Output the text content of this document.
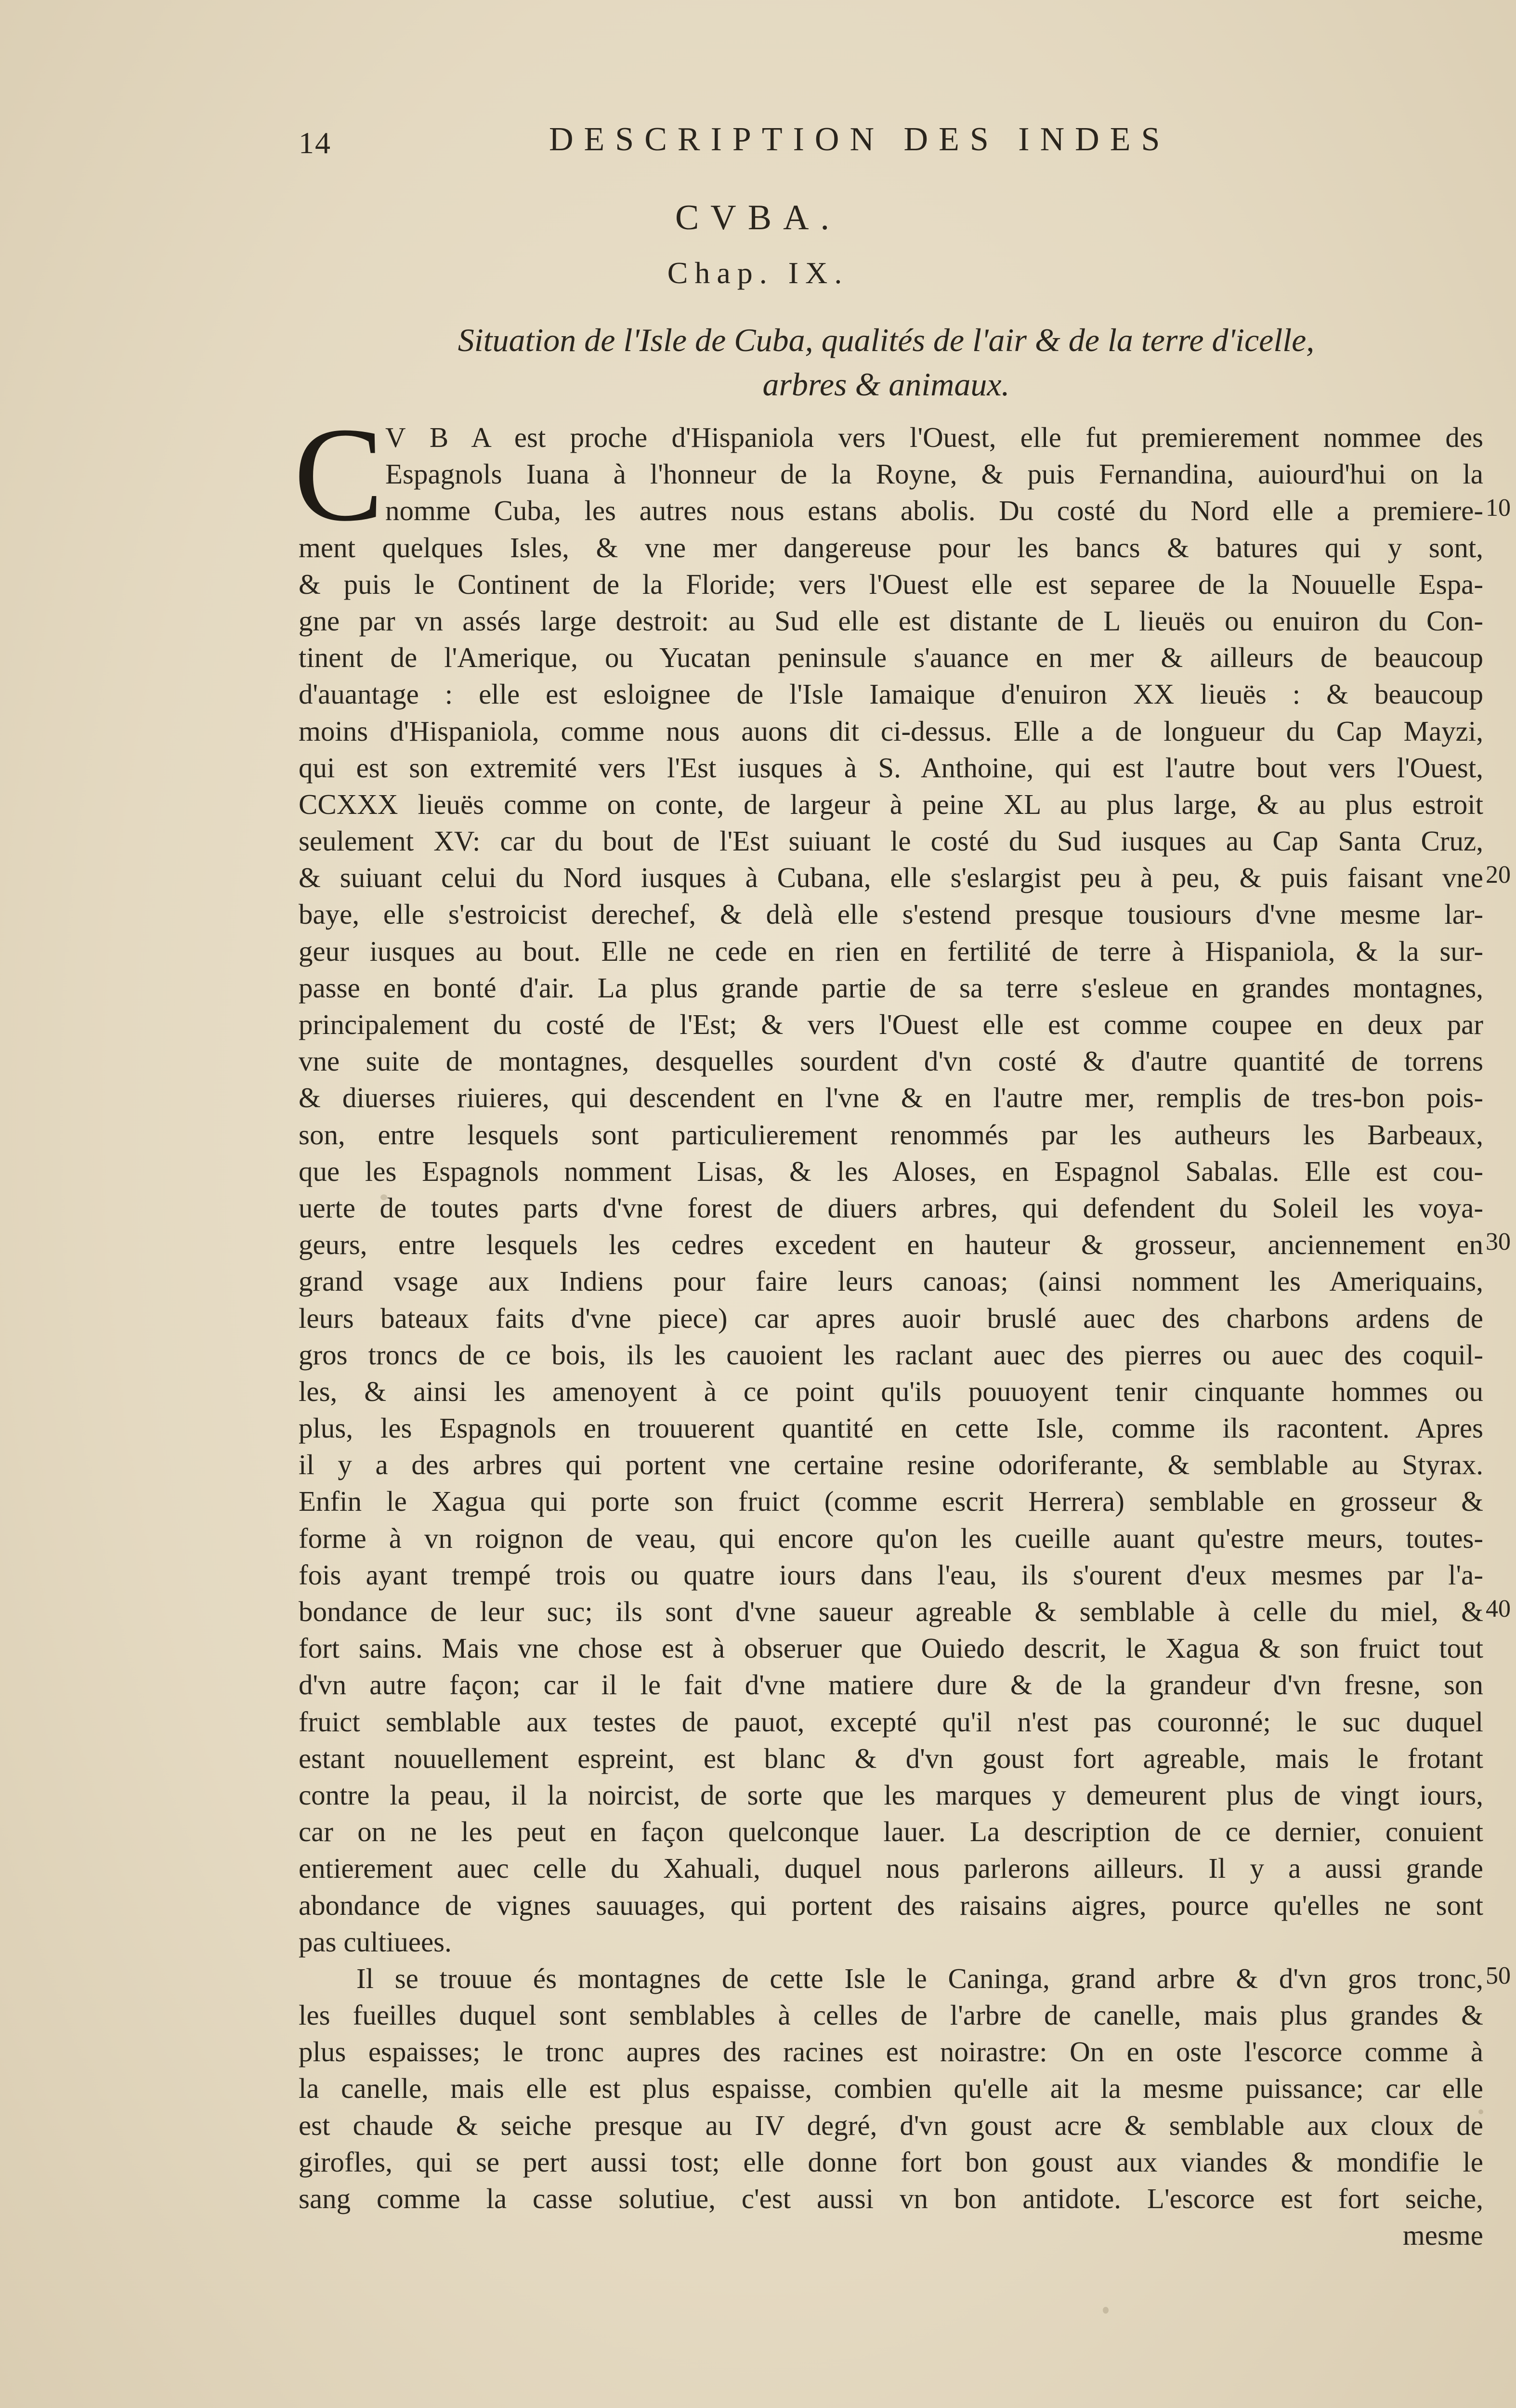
14	DESCRIPTION DES INDES
CVBA.
Chap. IX.
Situation de l'Isle de Cuba, qualités de l'air & de la terre d'icelle,
arbres & animaux.
C V B A est proche d'Hispaniola vers l'Ouest, elle fut premierement nommee des
Espagnols Iuana à l'honneur de la Royne, & puis Fernandina, auiourd'hui on la
nomme Cuba, les autres nous estans abolis. Du costé du Nord elle a premiere-
ment quelques Isles, & vne mer dangereuse pour les bancs & batures qui y sont,
& puis le Continent de la Floride; vers l'Ouest elle est separee de la Nouuelle Espa-
gne par vn assés large destroit: au Sud elle est distante de L lieuës ou enuiron du Con-
tinent de l'Amerique, ou Yucatan peninsule s'auance en mer & ailleurs de beaucoup
d'auantage : elle est esloignee de l'Isle Iamaique d'enuiron XX lieuës : & beaucoup
moins d'Hispaniola, comme nous auons dit ci-dessus. Elle a de longueur du Cap Mayzi,
qui est son extremité vers l'Est iusques à S. Anthoine, qui est l'autre bout vers l'Ouest,
CCXXX lieuës comme on conte, de largeur à peine XL au plus large, & au plus estroit
seulement XV: car du bout de l'Est suiuant le costé du Sud iusques au Cap Santa Cruz,
& suiuant celui du Nord iusques à Cubana, elle s'eslargist peu à peu, & puis faisant vne
baye, elle s'estroicist derechef, & delà elle s'estend presque tousiours d'vne mesme lar-
geur iusques au bout. Elle ne cede en rien en fertilité de terre à Hispaniola, & la sur-
passe en bonté d'air. La plus grande partie de sa terre s'esleue en grandes montagnes,
principalement du costé de l'Est; & vers l'Ouest elle est comme coupee en deux par
vne suite de montagnes, desquelles sourdent d'vn costé & d'autre quantité de torrens
& diuerses riuieres, qui descendent en l'vne & en l'autre mer, remplis de tres-bon pois-
son, entre lesquels sont particulierement renommés par les autheurs les Barbeaux,
que les Espagnols nomment Lisas, & les Aloses, en Espagnol Sabalas. Elle est cou-
uerte de toutes parts d'vne forest de diuers arbres, qui defendent du Soleil les voya-
geurs, entre lesquels les cedres excedent en hauteur & grosseur, anciennement en
grand vsage aux Indiens pour faire leurs canoas; (ainsi nomment les Ameriquains,
leurs bateaux faits d'vne piece) car apres auoir bruslé auec des charbons ardens de
gros troncs de ce bois, ils les cauoient les raclant auec des pierres ou auec des coquil-
les, & ainsi les amenoyent à ce point qu'ils pouuoyent tenir cinquante hommes ou
plus, les Espagnols en trouuerent quantité en cette Isle, comme ils racontent. Apres
il y a des arbres qui portent vne certaine resine odoriferante, & semblable au Styrax.
Enfin le Xagua qui porte son fruict (comme escrit Herrera) semblable en grosseur &
forme à vn roignon de veau, qui encore qu'on les cueille auant qu'estre meurs, toutes-
fois ayant trempé trois ou quatre iours dans l'eau, ils s'ourent d'eux mesmes par l'a-
bondance de leur suc; ils sont d'vne saueur agreable & semblable à celle du miel, &
fort sains. Mais vne chose est à obseruer que Ouiedo descrit, le Xagua & son fruict tout
d'vn autre façon; car il le fait d'vne matiere dure & de la grandeur d'vn fresne, son
fruict semblable aux testes de pauot, excepté qu'il n'est pas couronné; le suc duquel
estant nouuellement espreint, est blanc & d'vn goust fort agreable, mais le frotant
contre la peau, il la noircist, de sorte que les marques y demeurent plus de vingt iours,
car on ne les peut en façon quelconque lauer. La description de ce dernier, conuient
entierement auec celle du Xahuali, duquel nous parlerons ailleurs. Il y a aussi grande
abondance de vignes sauuages, qui portent des raisains aigres, pource qu'elles ne sont
pas cultiuees.
Il se trouue és montagnes de cette Isle le Caninga, grand arbre & d'vn gros tronc,
les fueilles duquel sont semblables à celles de l'arbre de canelle, mais plus grandes &
plus espaisses; le tronc aupres des racines est noirastre: On en oste l'escorce comme à
la canelle, mais elle est plus espaisse, combien qu'elle ait la mesme puissance; car elle
est chaude & seiche presque au IV degré, d'vn goust acre & semblable aux cloux de
girofles, qui se pert aussi tost; elle donne fort bon goust aux viandes & mondifie le
sang comme la casse solutiue, c'est aussi vn bon antidote. L'escorce est fort seiche,
mesme
10
20
30
40
50
